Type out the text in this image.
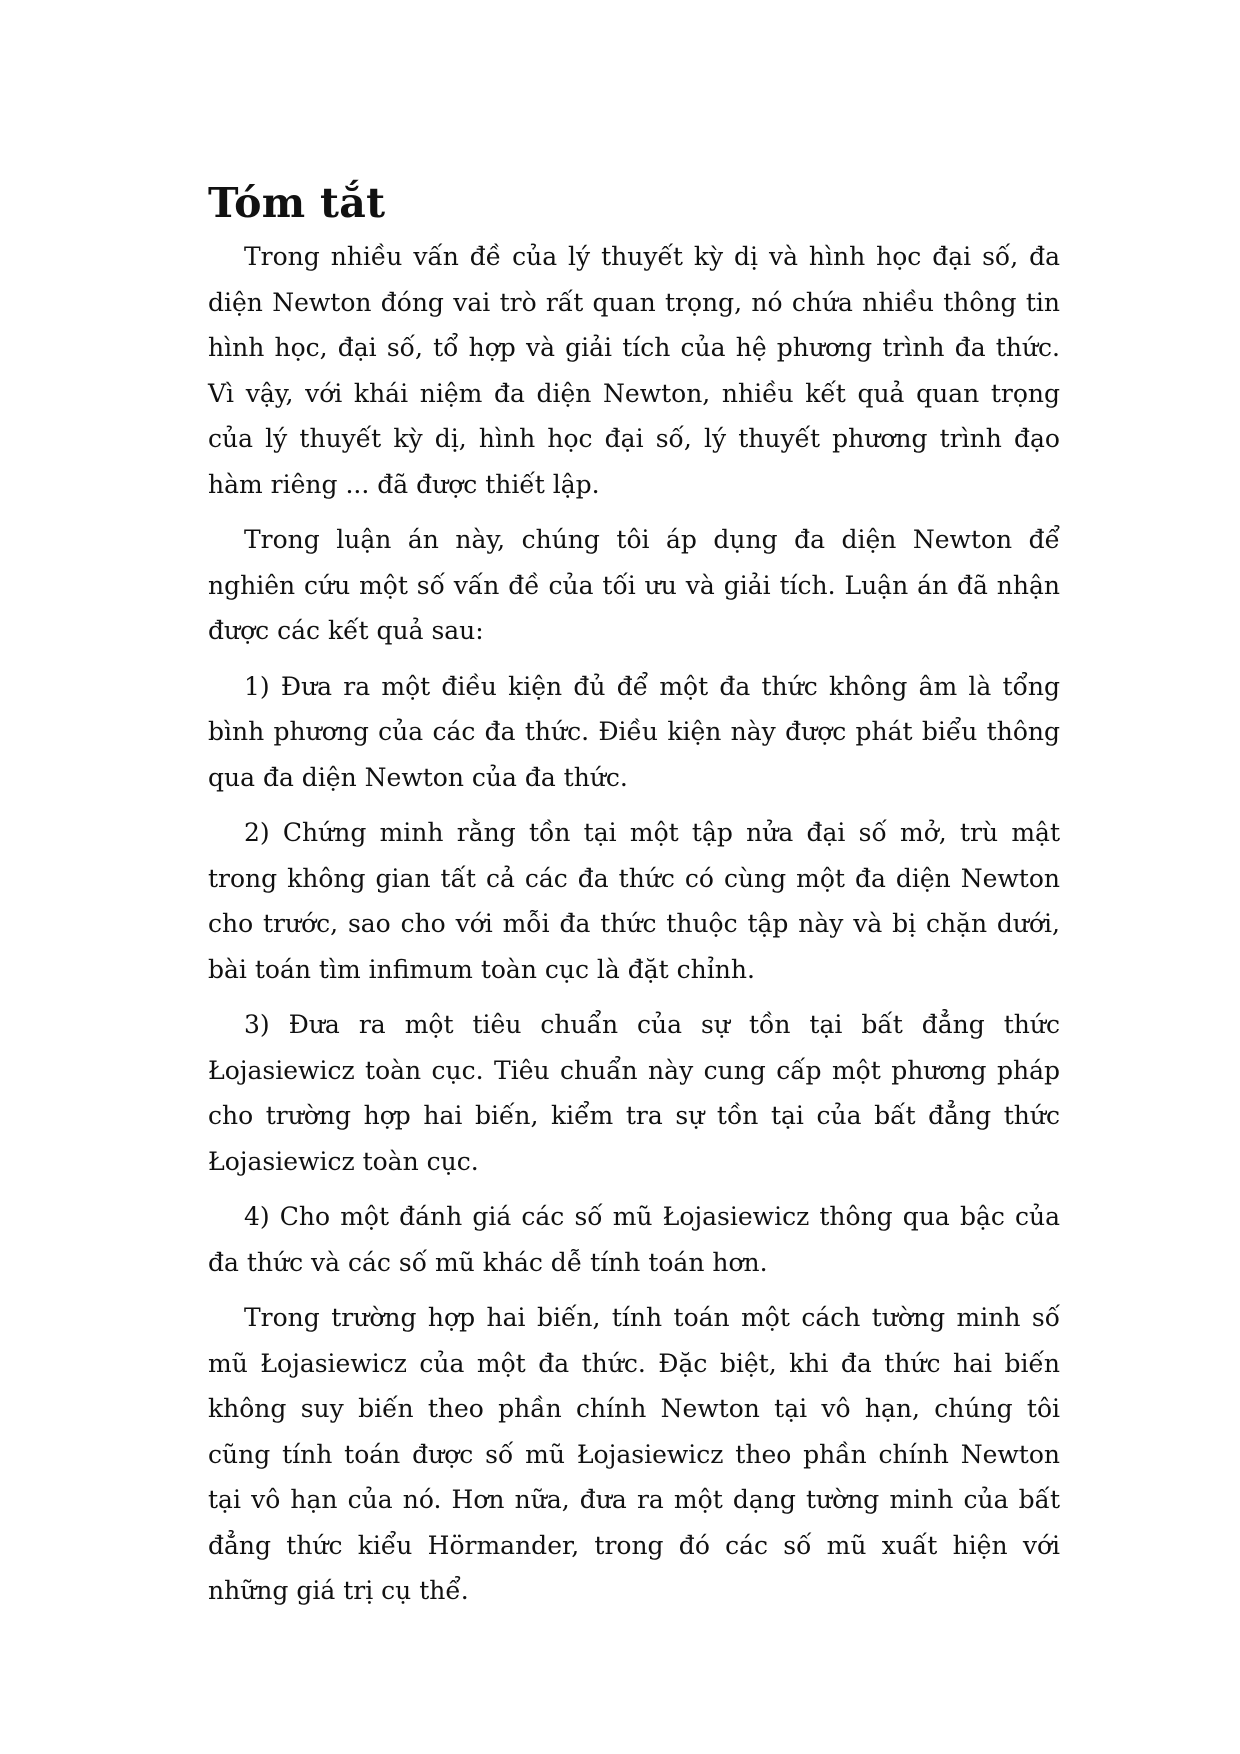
Tóm tắt

Trong nhiều vấn đề của lý thuyết kỳ dị và hình học đại số, đa diện Newton đóng vai trò rất quan trọng, nó chứa nhiều thông tin hình học, đại số, tổ hợp và giải tích của hệ phương trình đa thức. Vì vậy, với khái niệm đa diện Newton, nhiều kết quả quan trọng của lý thuyết kỳ dị, hình học đại số, lý thuyết phương trình đạo hàm riêng ... đã được thiết lập.

Trong luận án này, chúng tôi áp dụng đa diện Newton để nghiên cứu một số vấn đề của tối ưu và giải tích. Luận án đã nhận được các kết quả sau:

1) Đưa ra một điều kiện đủ để một đa thức không âm là tổng bình phương của các đa thức. Điều kiện này được phát biểu thông qua đa diện Newton của đa thức.

2) Chứng minh rằng tồn tại một tập nửa đại số mở, trù mật trong không gian tất cả các đa thức có cùng một đa diện Newton cho trước, sao cho với mỗi đa thức thuộc tập này và bị chặn dưới, bài toán tìm infimum toàn cục là đặt chỉnh.

3) Đưa ra một tiêu chuẩn của sự tồn tại bất đẳng thức Łojasiewicz toàn cục. Tiêu chuẩn này cung cấp một phương pháp cho trường hợp hai biến, kiểm tra sự tồn tại của bất đẳng thức Łojasiewicz toàn cục.

4) Cho một đánh giá các số mũ Łojasiewicz thông qua bậc của đa thức và các số mũ khác dễ tính toán hơn.

Trong trường hợp hai biến, tính toán một cách tường minh số mũ Łojasiewicz của một đa thức. Đặc biệt, khi đa thức hai biến không suy biến theo phần chính Newton tại vô hạn, chúng tôi cũng tính toán được số mũ Łojasiewicz theo phần chính Newton tại vô hạn của nó. Hơn nữa, đưa ra một dạng tường minh của bất đẳng thức kiểu Hörmander, trong đó các số mũ xuất hiện với những giá trị cụ thể.
